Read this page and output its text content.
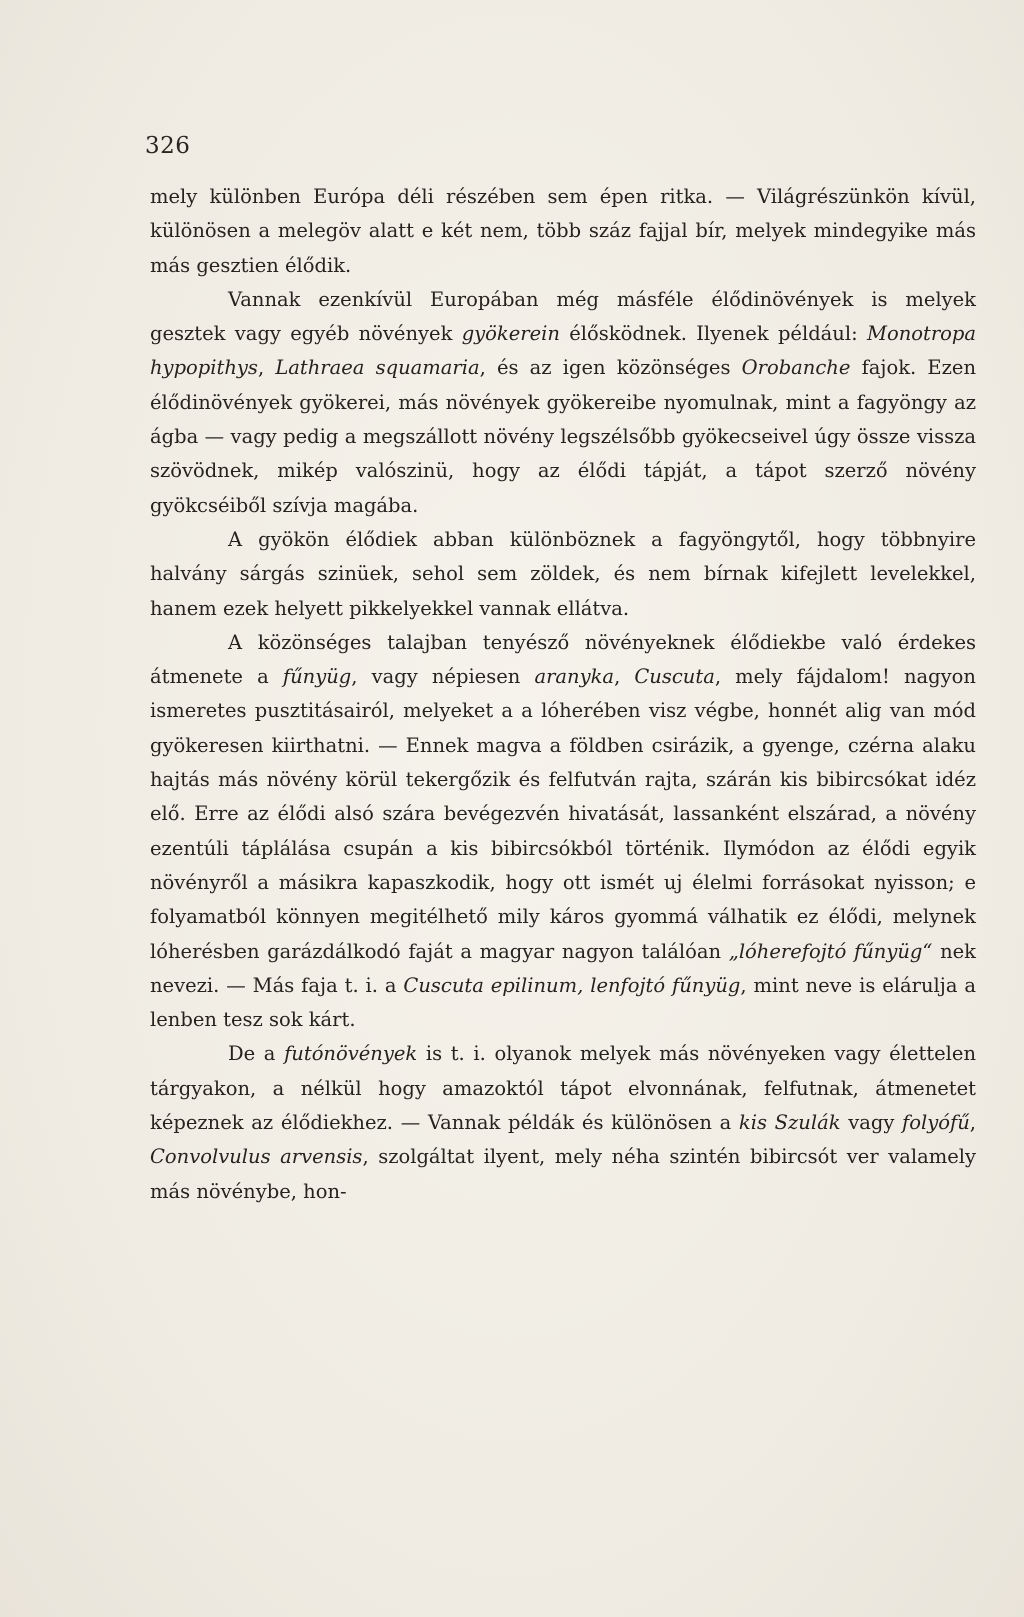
326

mely különben Európa déli részében sem épen ritka. — Világrészünkön kívül, különösen a melegöv alatt e két nem, több száz fajjal bír, melyek mindegyike más más gesztien élődik.

Vannak ezenkívül Europában még másféle élődinövények is melyek gesztek vagy egyéb növények gyökerein élősködnek. Ilyenek például: Monotropa hypopithys, Lathraea squamaria, és az igen közönséges Orobanche fajok. Ezen élődinövények gyökerei, más növények gyökereibe nyomulnak, mint a fagyöngy az ágba — vagy pedig a megszállott növény legszélsőbb gyökecseivel úgy össze vissza szövödnek, mikép valószinü, hogy az élődi tápját, a tápot szerző növény gyökcséiből szívja magába.

A gyökön élődiek abban különböznek a fagyöngytől, hogy többnyire halvány sárgás szinüek, sehol sem zöldek, és nem bírnak kifejlett levelekkel, hanem ezek helyett pikkelyekkel vannak ellátva.

A közönséges talajban tenyésző növényeknek élődiekbe való érdekes átmenete a fűnyüg, vagy népiesen aranyka, Cuscuta, mely fájdalom! nagyon ismeretes pusztitásairól, melyeket a a lóherében visz végbe, honnét alig van mód gyökeresen kiirthatni. — Ennek magva a földben csirázik, a gyenge, czérna alaku hajtás más növény körül tekergőzik és felfutván rajta, szárán kis bibircsókat idéz elő. Erre az élődi alsó szára bevégezvén hivatását, lassanként elszárad, a növény ezentúli táplálása csupán a kis bibircsókból történik. Ilymódon az élődi egyik növényről a másikra kapaszkodik, hogy ott ismét uj élelmi forrásokat nyisson; e folyamatból könnyen megitélhető mily káros gyommá válhatik ez élődi, melynek lóherésben garázdálkodó faját a magyar nagyon találóan „lóherefojtó fűnyüg“ nek nevezi. — Más faja t. i. a Cuscuta epilinum, lenfojtó fűnyüg, mint neve is elárulja a lenben tesz sok kárt.

De a futónövények is t. i. olyanok melyek más növényeken vagy élettelen tárgyakon, a nélkül hogy amazoktól tápot elvonnának, felfutnak, átmenetet képeznek az élődiekhez. — Vannak példák és különösen a kis Szulák vagy folyófű, Convolvulus arvensis, szolgáltat ilyent, mely néha szintén bibircsót ver valamely más növénybe, hon-
